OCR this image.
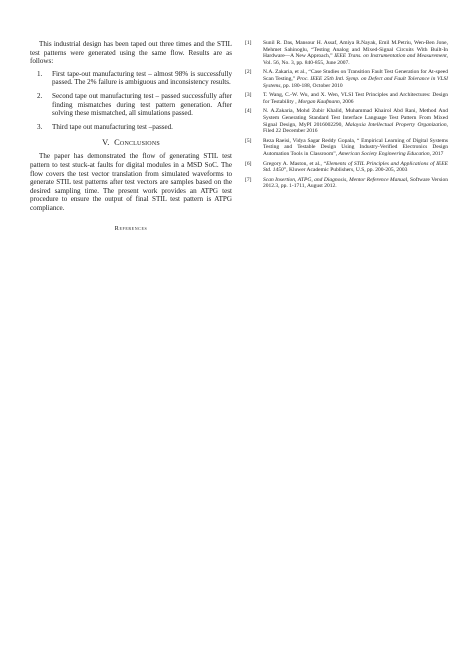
This industrial design has been taped out three times and the STIL test patterns were generated using the same flow. Results are as follows:

1. First tape-out manufacturing test – almost 98% is successfully passed. The 2% failure is ambiguous and inconsistency results.
2. Second tape out manufacturing test – passed successfully after finding mismatches during test pattern generation. After solving these mismatched, all simulations passed.
3. Third tape out manufacturing test –passed.
V. Conclusions

The paper has demonstrated the flow of generating STIL test pattern to test stuck-at faults for digital modules in a MSD SoC. The flow covers the test vector translation from simulated waveforms to generate STIL test patterns after test vectors are samples based on the desired sampling time. The present work provides an ATPG test procedure to ensure the output of final STIL test pattern is ATPG compliance.

References
[1] Sunil R. Das, Mansour H. Assaf, Amiya R.Nayak, Emil M.Petriu, Wen-Ben Jone, Mehmet Sahinoglu, “Testing Analog and Mixed-Signal Circuits With Built-In Hardware—A New Approach,” IEEE Trans. on Instrumentation and Measurement, Vol. 56, No. 3, pp. 840-855, June 2007.
[2] N.A. Zakaria, et al., “Case Studies on Transition Fault Test Generation for At-speed Scan Testing,” Proc. IEEE 25th Intl. Symp. on Defect and Fault Tolerance in VLSI Systems, pp. 180-188, October 2010
[3] T. Wang, C.-W. Wu, and X. Wen, VLSI Test Principles and Architectures: Design for Testability , Morgan Kaufmann, 2006
[4] N. A.Zakaria, Mohd Zubir Khalid, Muhammad Khairol Abd Rani, Method And System Generating Standard Test Interface Language Test Pattern From Mixed Signal Design, MyPI 2016002290, Malaysia Intellectual Property Organization, Filed 22 December 2016
[5] Reza Raeisi, Vidya Sagar Reddy Gopala, “ Empirical Learning of Digital Systems Testing and Testable Design Using Industry-Verified Electronics Design Automation Tools in Classroom”, American Society Engineering Education, 2017
[6] Gregory A. Maston, et al., “Elements of STIL Principles and Applications of IEEE Std. 1450”, Kluwer Academic Publishers, U.S, pp. 200-205, 2003
[7] Scan Insertion, ATPG, and Diagnosis, Mentor Reference Manual, Software Version 2012.3, pp. 1-1711, August 2012.
